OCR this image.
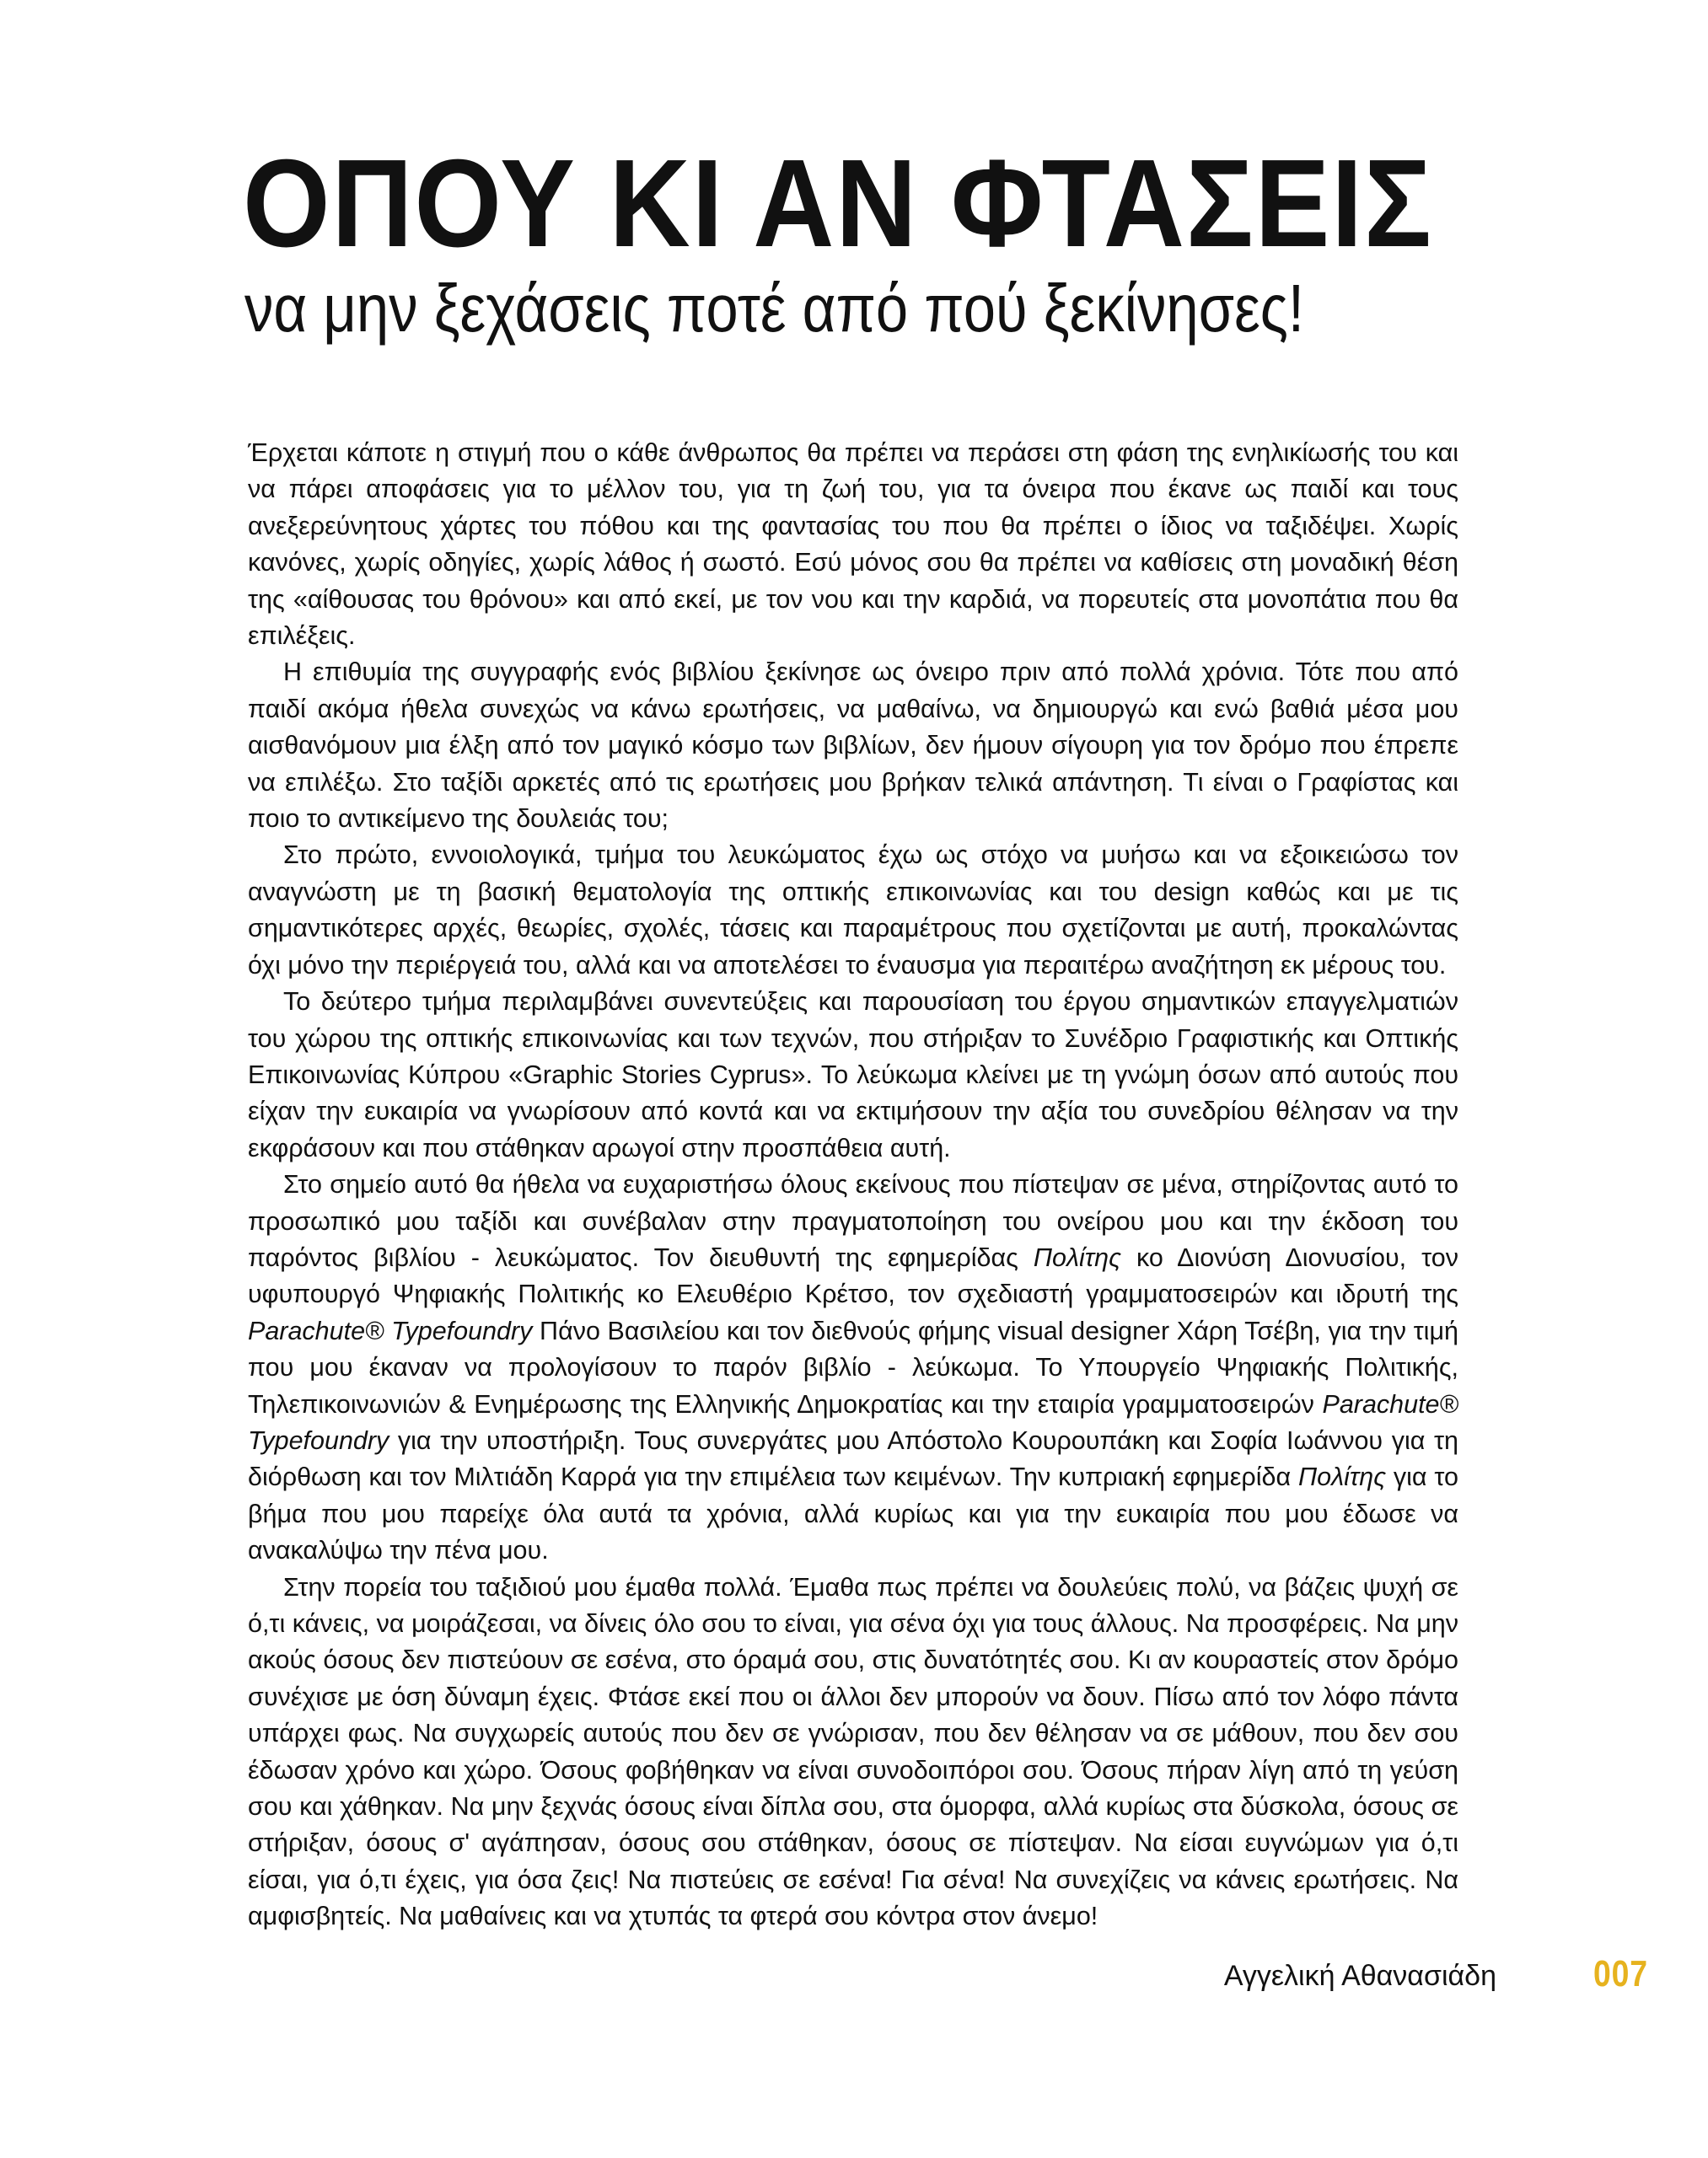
ΟΠΟΥ ΚΙ ΑΝ ΦΤΑΣΕΙΣ
να μην ξεχάσεις ποτέ από πού ξεκίνησες!

Έρχεται κάποτε η στιγμή που ο κάθε άνθρωπος θα πρέπει να περάσει στη φάση της ενηλικίωσής του και να πάρει αποφάσεις για το μέλλον του, για τη ζωή του, για τα όνειρα που έκανε ως παιδί και τους ανεξερεύνητους χάρτες του πόθου και της φαντασίας του που θα πρέπει ο ίδιος να ταξιδέψει. Χωρίς κανόνες, χωρίς οδηγίες, χωρίς λάθος ή σωστό. Εσύ μόνος σου θα πρέπει να καθίσεις στη μοναδική θέση της «αίθουσας του θρόνου» και από εκεί, με τον νου και την καρδιά, να πορευτείς στα μονοπάτια που θα επιλέξεις.

Η επιθυμία της συγγραφής ενός βιβλίου ξεκίνησε ως όνειρο πριν από πολλά χρόνια. Τότε που από παιδί ακόμα ήθελα συνεχώς να κάνω ερωτήσεις, να μαθαίνω, να δημιουργώ και ενώ βαθιά μέσα μου αισθανόμουν μια έλξη από τον μαγικό κόσμο των βιβλίων, δεν ήμουν σίγουρη για τον δρόμο που έπρεπε να επιλέξω. Στο ταξίδι αρκετές από τις ερωτήσεις μου βρήκαν τελικά απάντηση. Τι είναι ο Γραφίστας και ποιο το αντικείμενο της δουλειάς του;

Στο πρώτο, εννοιολογικά, τμήμα του λευκώματος έχω ως στόχο να μυήσω και να εξοικειώσω τον αναγνώστη με τη βασική θεματολογία της οπτικής επικοινωνίας και του design καθώς και με τις σημαντικότερες αρχές, θεωρίες, σχολές, τάσεις και παραμέτρους που σχετίζονται με αυτή, προκαλώντας όχι μόνο την περιέργειά του, αλλά και να αποτελέσει το έναυσμα για περαιτέρω αναζήτηση εκ μέρους του.

Το δεύτερο τμήμα περιλαμβάνει συνεντεύξεις και παρουσίαση του έργου σημαντικών επαγγελματιών του χώρου της οπτικής επικοινωνίας και των τεχνών, που στήριξαν το Συνέδριο Γραφιστικής και Οπτικής Επικοινωνίας Κύπρου «Graphic Stories Cyprus». Το λεύκωμα κλείνει με τη γνώμη όσων από αυτούς που είχαν την ευκαιρία να γνωρίσουν από κοντά και να εκτιμήσουν την αξία του συνεδρίου θέλησαν να την εκφράσουν και που στάθηκαν αρωγοί στην προσπάθεια αυτή.

Στο σημείο αυτό θα ήθελα να ευχαριστήσω όλους εκείνους που πίστεψαν σε μένα, στηρίζοντας αυτό το προσωπικό μου ταξίδι και συνέβαλαν στην πραγματοποίηση του ονείρου μου και την έκδοση του παρόντος βιβλίου - λευκώματος. Τον διευθυντή της εφημερίδας Πολίτης κο Διονύση Διονυσίου, τον υφυπουργό Ψηφιακής Πολιτικής κο Ελευθέριο Κρέτσο, τον σχεδιαστή γραμματοσειρών και ιδρυτή της Parachute® Typefoundry Πάνο Βασιλείου και τον διεθνούς φήμης visual designer Χάρη Τσέβη, για την τιμή που μου έκαναν να προλογίσουν το παρόν βιβλίο - λεύκωμα. Το Υπουργείο Ψηφιακής Πολιτικής, Τηλεπικοινωνιών & Ενημέρωσης της Ελληνικής Δημοκρατίας και την εταιρία γραμματοσειρών Parachute® Typefoundry για την υποστήριξη. Τους συνεργάτες μου Απόστολο Κουρουπάκη και Σοφία Ιωάννου για τη διόρθωση και τον Μιλτιάδη Καρρά για την επιμέλεια των κειμένων. Την κυπριακή εφημερίδα Πολίτης για το βήμα που μου παρείχε όλα αυτά τα χρόνια, αλλά κυρίως και για την ευκαιρία που μου έδωσε να ανακαλύψω την πένα μου.

Στην πορεία του ταξιδιού μου έμαθα πολλά. Έμαθα πως πρέπει να δουλεύεις πολύ, να βάζεις ψυχή σε ό,τι κάνεις, να μοιράζεσαι, να δίνεις όλο σου το είναι, για σένα όχι για τους άλλους. Να προσφέρεις. Να μην ακούς όσους δεν πιστεύουν σε εσένα, στο όραμά σου, στις δυνατότητές σου. Κι αν κουραστείς στον δρόμο συνέχισε με όση δύναμη έχεις. Φτάσε εκεί που οι άλλοι δεν μπορούν να δουν. Πίσω από τον λόφο πάντα υπάρχει φως. Να συγχωρείς αυτούς που δεν σε γνώρισαν, που δεν θέλησαν να σε μάθουν, που δεν σου έδωσαν χρόνο και χώρο. Όσους φοβήθηκαν να είναι συνοδοιπόροι σου. Όσους πήραν λίγη από τη γεύση σου και χάθηκαν. Να μην ξεχνάς όσους είναι δίπλα σου, στα όμορφα, αλλά κυρίως στα δύσκολα, όσους σε στήριξαν, όσους σ' αγάπησαν, όσους σου στάθηκαν, όσους σε πίστεψαν. Να είσαι ευγνώμων για ό,τι είσαι, για ό,τι έχεις, για όσα ζεις! Να πιστεύεις σε εσένα! Για σένα! Να συνεχίζεις να κάνεις ερωτήσεις. Να αμφισβητείς. Να μαθαίνεις και να χτυπάς τα φτερά σου κόντρα στον άνεμο!

Αγγελική Αθανασιάδη	007
